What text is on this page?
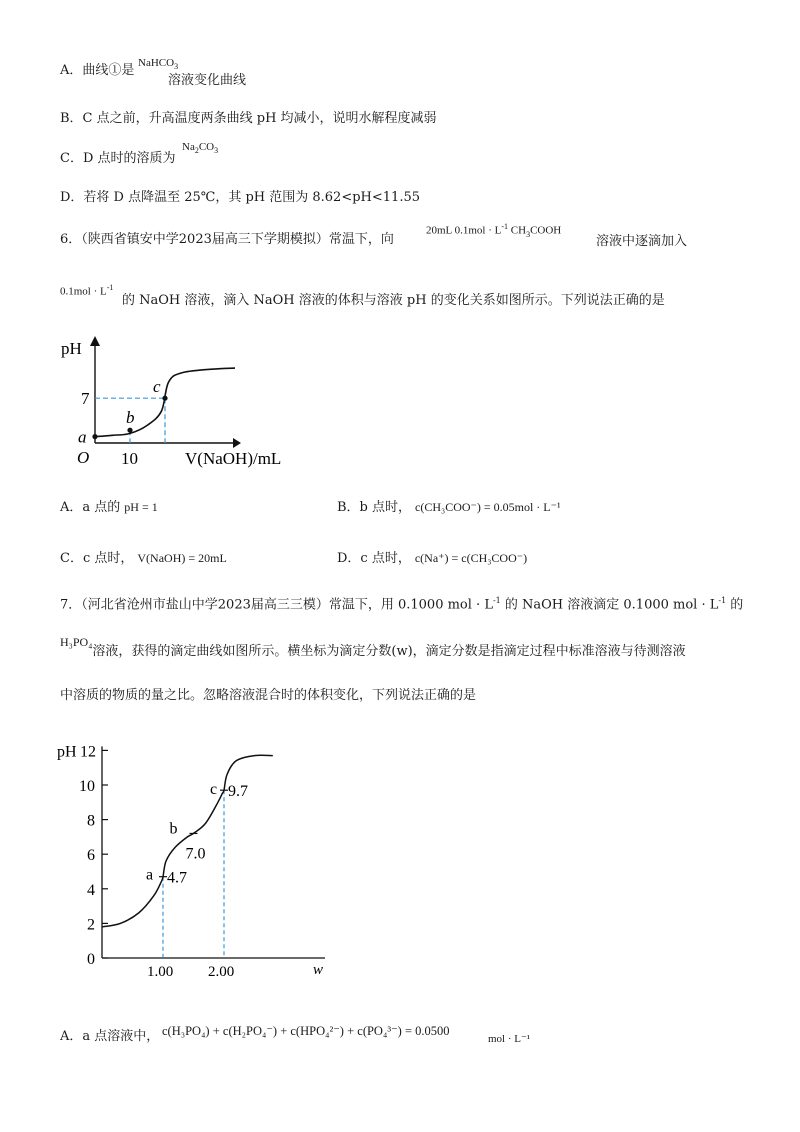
A．曲线①是 NaHCO$_3$
溶液变化曲线
B．C 点之前，升高温度两条曲线 pH 均减小，说明水解程度减弱
C．D 点时的溶质为
$Na_2CO_3$
D．若将 D 点降温至 25℃，其 pH 范围为 8.62<pH<11.55
6．（陕西省镇安中学2023届高三下学期模拟）常温下，向
20mL $0.1mol \cdot L^{-1}$ $CH_3COOH$
溶液中逐滴加入
$0.1mol \cdot L^{-1}$
的 NaOH 溶液，滴入 NaOH 溶液的体积与溶液 pH 的变化关系如图所示。下列说法正确的是
pH
V(NaOH)/mL
O
7
10
a
b
c
A．a 点的 pH = 1	B．b 点时， c(CH₃COO⁻) = 0.05mol · L⁻¹
C．c 点时， V(NaOH) = 20mL	D．c 点时， c(Na⁺) = c(CH₃COO⁻)
7．（河北省沧州市盐山中学2023届高三三模）常温下，用 0.1000 mol · $L^{-1}$ 的 NaOH 溶液滴定 0.1000 mol · $L^{-1}$ 的
H₃PO₄溶液，获得的滴定曲线如图所示。横坐标为滴定分数(w)，滴定分数是指滴定过程中标准溶液与待测溶液
中溶质的物质的量之比。忽略溶液混合时的体积变化，下列说法正确的是
pH
w
0
2
4
6
8
10
12
1.00 2.00
a 4.7
b
7.0
c 9.7
A．a 点溶液中， c(H₃PO₄) + c(H₂PO₄⁻) + c(HPO₄²⁻) + c(PO₄³⁻) = 0.0500
mol · L⁻¹
